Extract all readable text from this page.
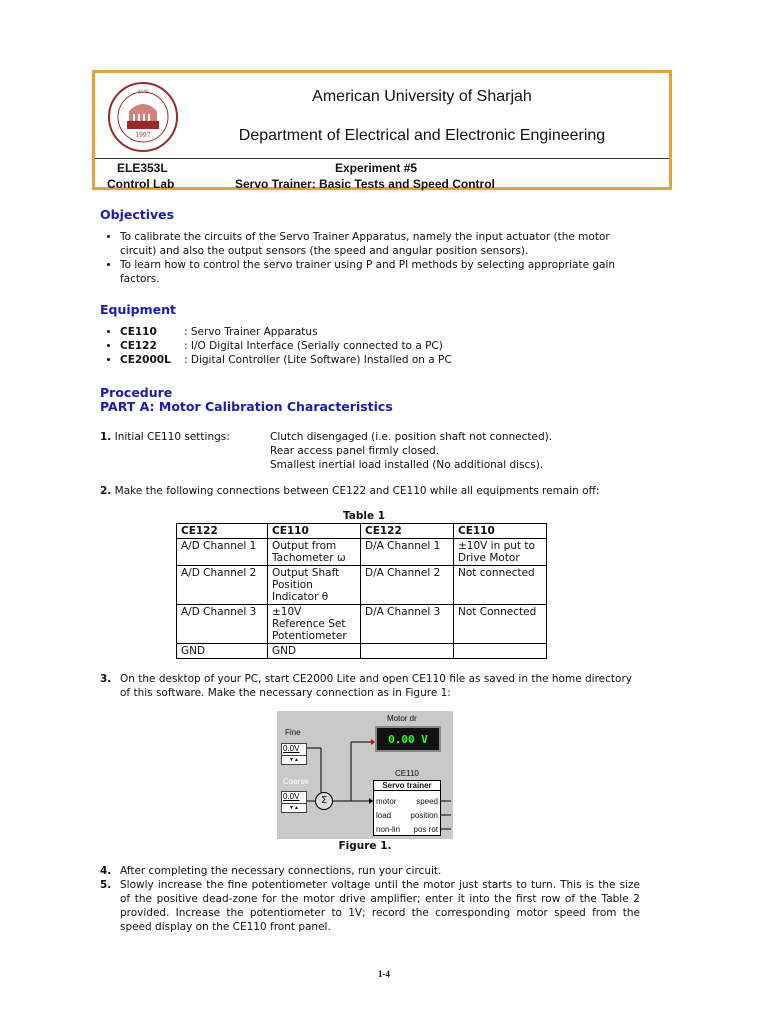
1997
AUS	American University of Sharjah
Department of Electrical and Electronic Engineering
ELE353L
Control Lab
Experiment #5
Servo Trainer: Basic Tests and Speed Control
Objectives
• To calibrate the circuits of the Servo Trainer Apparatus, namely the input actuator (the motor circuit) and also the output sensors (the speed and angular position sensors).
• To learn how to control the servo trainer using P and PI methods by selecting appropriate gain factors.
Equipment
• CE110	: Servo Trainer Apparatus
• CE122	: I/O Digital Interface (Serially connected to a PC)
• CE2000L : Digital Controller (Lite Software) Installed on a PC
Procedure
PART A: Motor Calibration Characteristics
1. Initial CE110 settings:	Clutch disengaged (i.e. position shaft not connected).
Rear access panel firmly closed.
Smallest inertial load installed (No additional discs).
2. Make the following connections between CE122 and CE110 while all equipments remain off:
Table 1
CE122	CE110	CE122	CE110
A/D Channel 1	Output from Tachometer ω	D/A Channel 1	±10V in put to Drive Motor
A/D Channel 2	Output Shaft Position Indicator θ	D/A Channel 2	Not connected
A/D Channel 3	±10V Reference Set Potentiometer	D/A Channel 3	Not Connected
GND	GND		
3. On the desktop of your PC, start CE2000 Lite and open CE110 file as saved in the home directory of this software. Make the necessary connection as in Figure 1:
Fine
0.0V
▾ ▴
Coarse
0.0V
▾ ▴
Σ
Motor dr
0.00 V
CE110
Servo trainer
motor
load
non-lin
speed
position
pos rot
Figure 1.
4. After completing the necessary connections, run your circuit.
5. Slowly increase the fine potentiometer voltage until the motor just starts to turn. This is the size of the positive dead-zone for the motor drive amplifier; enter it into the first row of the Table 2 provided. Increase the potentiometer to 1V; record the corresponding motor speed from the speed display on the CE110 front panel.
1-4
